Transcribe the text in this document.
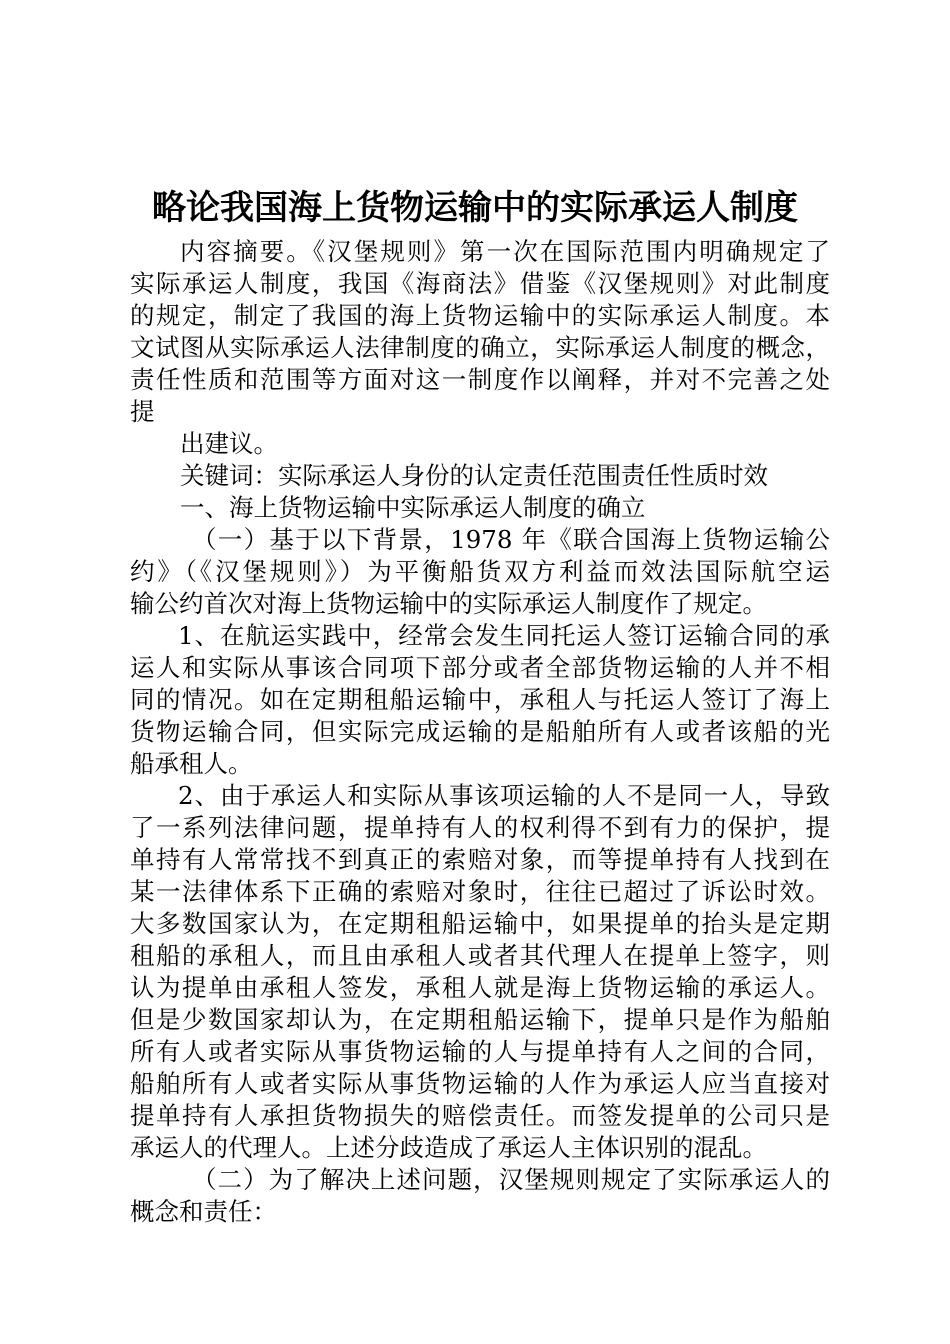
略论我国海上货物运输中的实际承运人制度
内容摘要。《汉堡规则》第一次在国际范围内明确规定了
实际承运人制度，我国《海商法》借鉴《汉堡规则》对此制度
的规定，制定了我国的海上货物运输中的实际承运人制度。本
文试图从实际承运人法律制度的确立，实际承运人制度的概念，
责任性质和范围等方面对这一制度作以阐释，并对不完善之处
提
出建议。
关键词：实际承运人身份的认定责任范围责任性质时效
一、海上货物运输中实际承运人制度的确立
（一）基于以下背景，1978 年《联合国海上货物运输公
约》（《汉堡规则》）为平衡船货双方利益而效法国际航空运
输公约首次对海上货物运输中的实际承运人制度作了规定。
1、在航运实践中，经常会发生同托运人签订运输合同的承
运人和实际从事该合同项下部分或者全部货物运输的人并不相
同的情况。如在定期租船运输中，承租人与托运人签订了海上
货物运输合同，但实际完成运输的是船舶所有人或者该船的光
船承租人。
2、由于承运人和实际从事该项运输的人不是同一人，导致
了一系列法律问题，提单持有人的权利得不到有力的保护，提
单持有人常常找不到真正的索赔对象，而等提单持有人找到在
某一法律体系下正确的索赔对象时，往往已超过了诉讼时效。
大多数国家认为，在定期租船运输中，如果提单的抬头是定期
租船的承租人，而且由承租人或者其代理人在提单上签字，则
认为提单由承租人签发，承租人就是海上货物运输的承运人。
但是少数国家却认为，在定期租船运输下，提单只是作为船舶
所有人或者实际从事货物运输的人与提单持有人之间的合同，
船舶所有人或者实际从事货物运输的人作为承运人应当直接对
提单持有人承担货物损失的赔偿责任。而签发提单的公司只是
承运人的代理人。上述分歧造成了承运人主体识别的混乱。
（二）为了解决上述问题，汉堡规则规定了实际承运人的
概念和责任：
